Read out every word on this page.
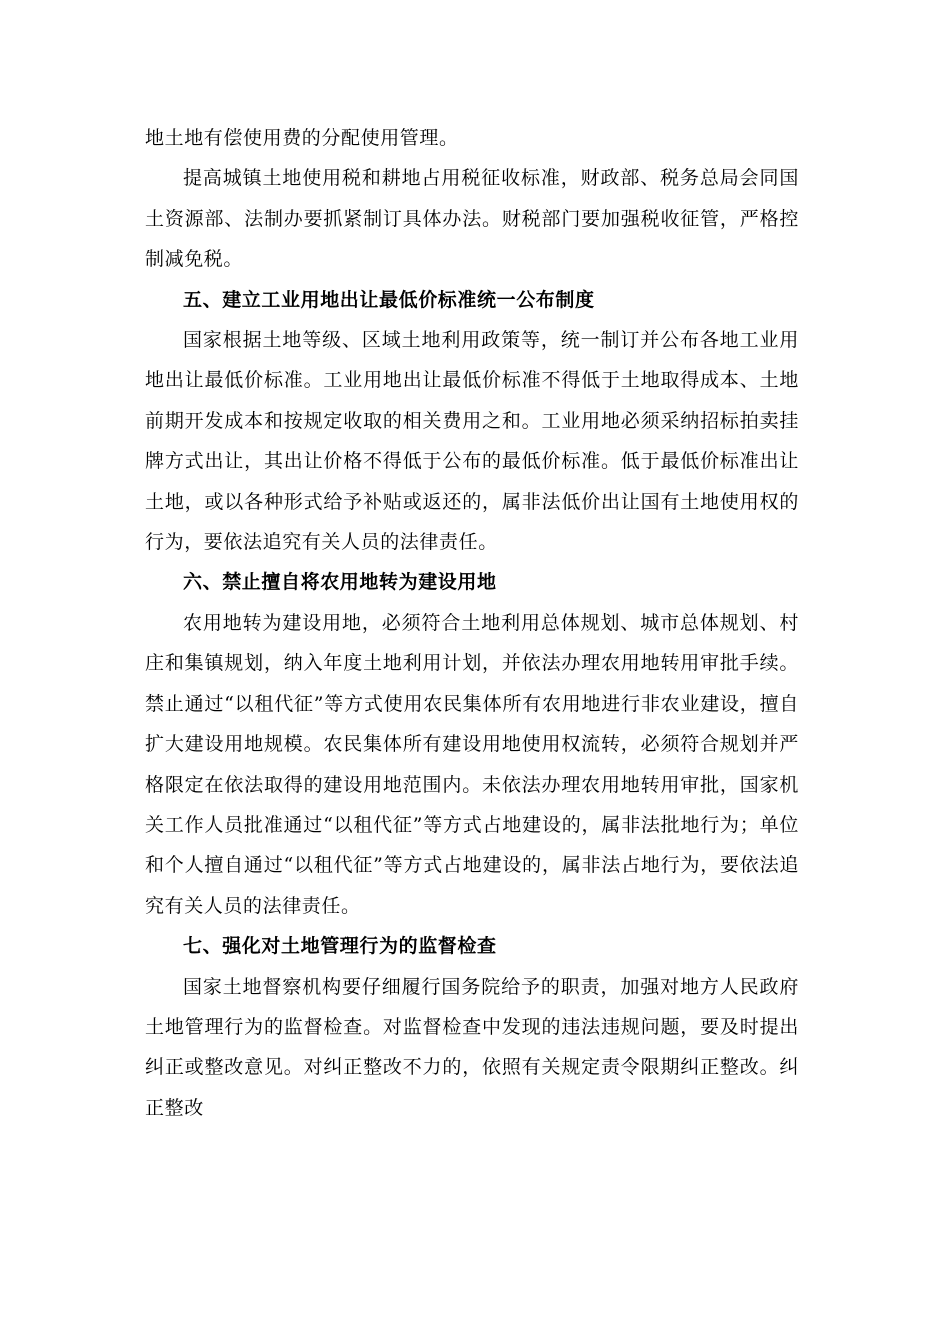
地土地有偿使用费的分配使用管理。

提高城镇土地使用税和耕地占用税征收标准，财政部、税务总局会同国土资源部、法制办要抓紧制订具体办法。财税部门要加强税收征管，严格控制减免税。

五、建立工业用地出让最低价标准统一公布制度

国家根据土地等级、区域土地利用政策等，统一制订并公布各地工业用地出让最低价标准。工业用地出让最低价标准不得低于土地取得成本、土地前期开发成本和按规定收取的相关费用之和。工业用地必须采纳招标拍卖挂牌方式出让，其出让价格不得低于公布的最低价标准。低于最低价标准出让土地，或以各种形式给予补贴或返还的，属非法低价出让国有土地使用权的行为，要依法追究有关人员的法律责任。

六、禁止擅自将农用地转为建设用地

农用地转为建设用地，必须符合土地利用总体规划、城市总体规划、村庄和集镇规划，纳入年度土地利用计划，并依法办理农用地转用审批手续。禁止通过“以租代征”等方式使用农民集体所有农用地进行非农业建设，擅自扩大建设用地规模。农民集体所有建设用地使用权流转，必须符合规划并严格限定在依法取得的建设用地范围内。未依法办理农用地转用审批，国家机关工作人员批准通过“以租代征”等方式占地建设的，属非法批地行为；单位和个人擅自通过“以租代征”等方式占地建设的，属非法占地行为，要依法追究有关人员的法律责任。

七、强化对土地管理行为的监督检查

国家土地督察机构要仔细履行国务院给予的职责，加强对地方人民政府土地管理行为的监督检查。对监督检查中发现的违法违规问题，要及时提出纠正或整改意见。对纠正整改不力的，依照有关规定责令限期纠正整改。纠正整改
